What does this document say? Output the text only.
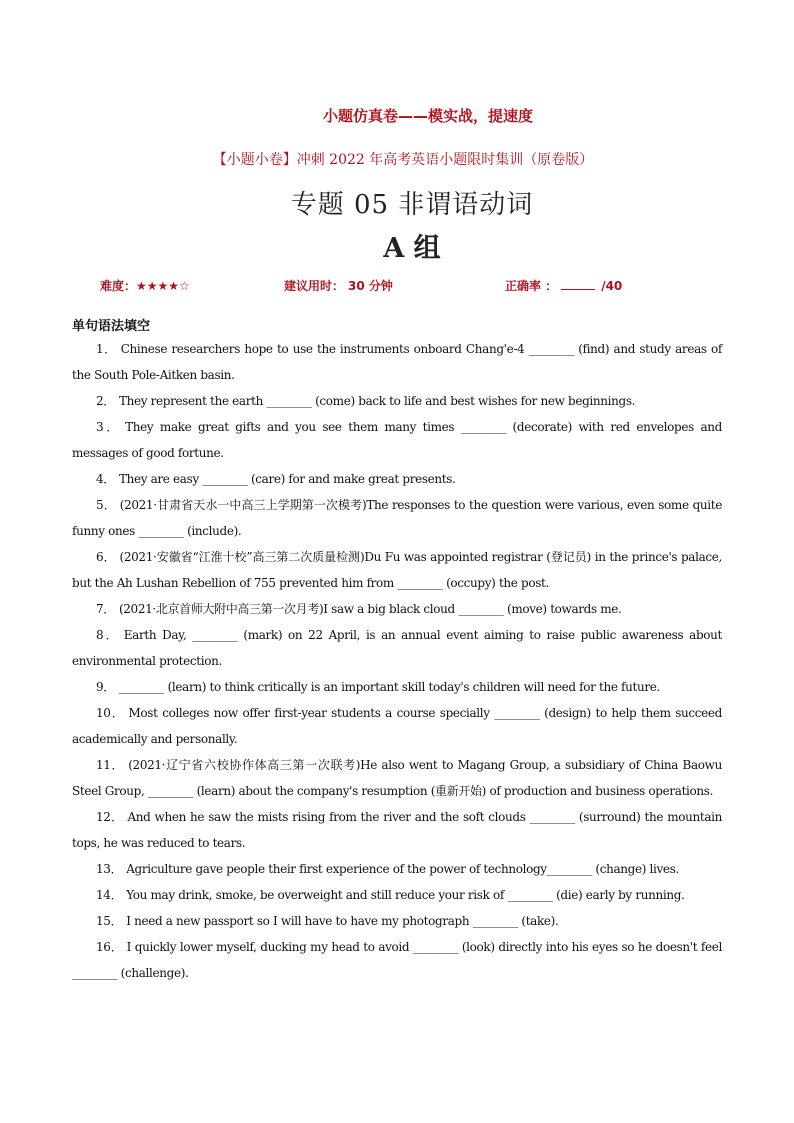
小题仿真卷——模实战，提速度
【小题小卷】冲刺 2022 年高考英语小题限时集训（原卷版）
专题 05 非谓语动词
A 组
难度：★★★★☆	建议用时： 30 分钟	正确率 ：	/40
单句语法填空

1． Chinese researchers hope to use the instruments onboard Chang'e-4 ________ (find) and study areas of the South Pole-Aitken basin.

2． They represent the earth ________ (come) back to life and best wishes for new beginnings.

3． They make great gifts and you see them many times ________ (decorate) with red envelopes and messages of good fortune.

4． They are easy ________ (care) for and make great presents.

5． (2021·甘肃省天水一中高三上学期第一次模考)The responses to the question were various, even some quite funny ones ________ (include).

6． (2021·安徽省“江淮十校”高三第二次质量检测)Du Fu was appointed registrar (登记员) in the prince's palace, but the Ah Lushan Rebellion of 755 prevented him from ________ (occupy) the post.

7． (2021·北京首师大附中高三第一次月考)I saw a big black cloud ________ (move) towards me.

8． Earth Day, ________ (mark) on 22 April, is an annual event aiming to raise public awareness about environmental protection.

9． ________ (learn) to think critically is an important skill today's children will need for the future.

10． Most colleges now offer first-year students a course specially ________ (design) to help them succeed academically and personally.

11． (2021·辽宁省六校协作体高三第一次联考)He also went to Magang Group, a subsidiary of China Baowu Steel Group, ________ (learn) about the company's resumption (重新开始) of production and business operations.

12． And when he saw the mists rising from the river and the soft clouds ________ (surround) the mountain tops, he was reduced to tears.

13． Agriculture gave people their first experience of the power of technology________ (change) lives.

14． You may drink, smoke, be overweight and still reduce your risk of ________ (die) early by running.

15． I need a new passport so I will have to have my photograph ________ (take).

16． I quickly lower myself, ducking my head to avoid ________ (look) directly into his eyes so he doesn't feel ________ (challenge).
